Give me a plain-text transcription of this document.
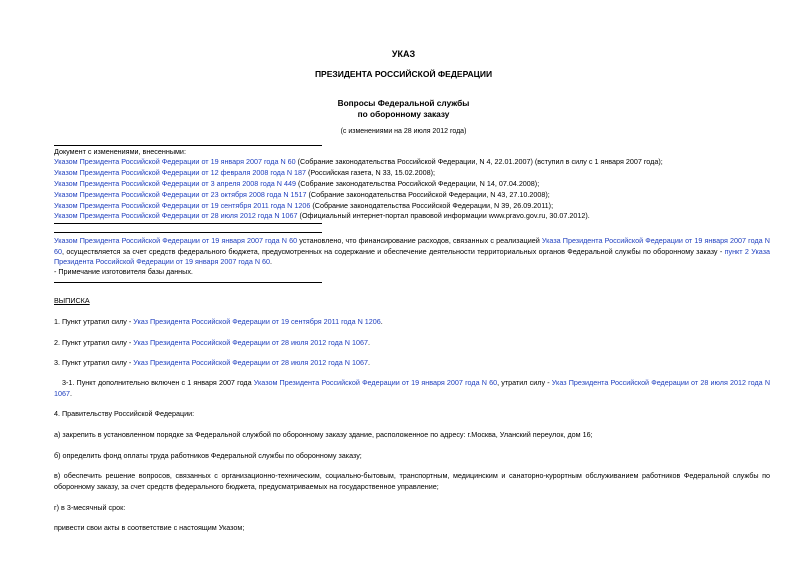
УКАЗ
ПРЕЗИДЕНТА РОССИЙСКОЙ ФЕДЕРАЦИИ
Вопросы Федеральной службы
по оборонному заказу
(с изменениями на 28 июля 2012 года)
Документ с изменениями, внесенными:
Указом Президента Российской Федерации от 19 января 2007 года N 60 (Собрание законодательства Российской Федерации, N 4, 22.01.2007) (вступил в силу с 1 января 2007 года);
Указом Президента Российской Федерации от 12 февраля 2008 года N 187 (Российская газета, N 33, 15.02.2008);
Указом Президента Российской Федерации от 3 апреля 2008 года N 449 (Собрание законодательства Российской Федерации, N 14, 07.04.2008);
Указом Президента Российской Федерации от 23 октября 2008 года N 1517 (Собрание законодательства Российской Федерации, N 43, 27.10.2008);
Указом Президента Российской Федерации от 19 сентября 2011 года N 1206 (Собрание законодательства Российской Федерации, N 39, 26.09.2011);
Указом Президента Российской Федерации от 28 июля 2012 года N 1067 (Официальный интернет-портал правовой информации www.pravo.gov.ru, 30.07.2012).
Указом Президента Российской Федерации от 19 января 2007 года N 60 установлено, что финансирование расходов, связанных с реализацией Указа Президента Российской Федерации от 19 января 2007 года N 60, осуществляется за счет средств федерального бюджета, предусмотренных на содержание и обеспечение деятельности территориальных органов Федеральной службы по оборонному заказу - пункт 2 Указа Президента Российской Федерации от 19 января 2007 года N 60.
- Примечание изготовителя базы данных.
ВЫПИСКА
1. Пункт утратил силу - Указ Президента Российской Федерации от 19 сентября 2011 года N 1206.
2. Пункт утратил силу - Указ Президента Российской Федерации от 28 июля 2012 года N 1067.
3. Пункт утратил силу - Указ Президента Российской Федерации от 28 июля 2012 года N 1067.
3-1. Пункт дополнительно включен с 1 января 2007 года Указом Президента Российской Федерации от 19 января 2007 года N 60, утратил силу - Указ Президента Российской Федерации от 28 июля 2012 года N 1067.
4. Правительству Российской Федерации:
а) закрепить в установленном порядке за Федеральной службой по оборонному заказу здание, расположенное по адресу: г.Москва, Уланский переулок, дом 16;
б) определить фонд оплаты труда работников Федеральной службы по оборонному заказу;
в) обеспечить решение вопросов, связанных с организационно-техническим, социально-бытовым, транспортным, медицинским и санаторно-курортным обслуживанием работников Федеральной службы по оборонному заказу, за счет средств федерального бюджета, предусматриваемых на государственное управление;
г) в 3-месячный срок:
привести свои акты в соответствие с настоящим Указом;
